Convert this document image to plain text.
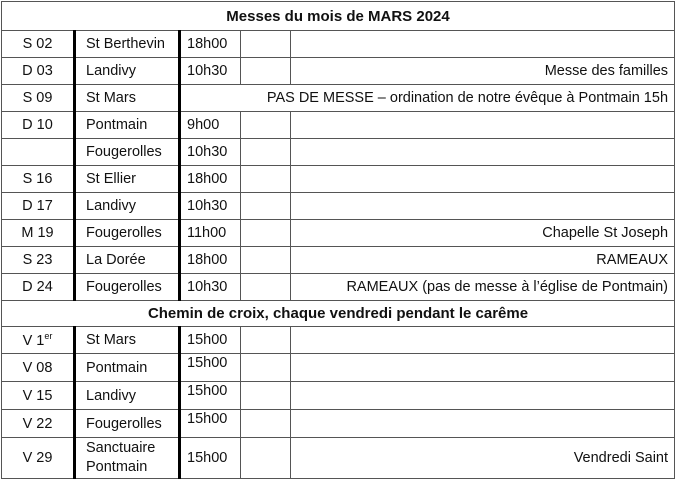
Messes du mois de MARS 2024				
S 02	St Berthevin	18h00		
D 03	Landivy	10h30		Messe des familles
S 09	St Mars	PAS DE MESSE – ordination de notre évêque à Pontmain 15h		
D 10	Pontmain	9h00		
	Fougerolles	10h30		
S 16	St Ellier	18h00		
D 17	Landivy	10h30		
M 19	Fougerolles	11h00		Chapelle St Joseph
S 23	La Dorée	18h00		RAMEAUX
D 24	Fougerolles	10h30		RAMEAUX (pas de messe à l’église de Pontmain)
Chemin de croix, chaque vendredi pendant le carême				
V 1er	St Mars	15h00		
V 08	Pontmain	15h00		
V 15	Landivy	15h00		
V 22	Fougerolles	15h00		
V 29	Sanctuaire Pontmain	15h00		Vendredi Saint
